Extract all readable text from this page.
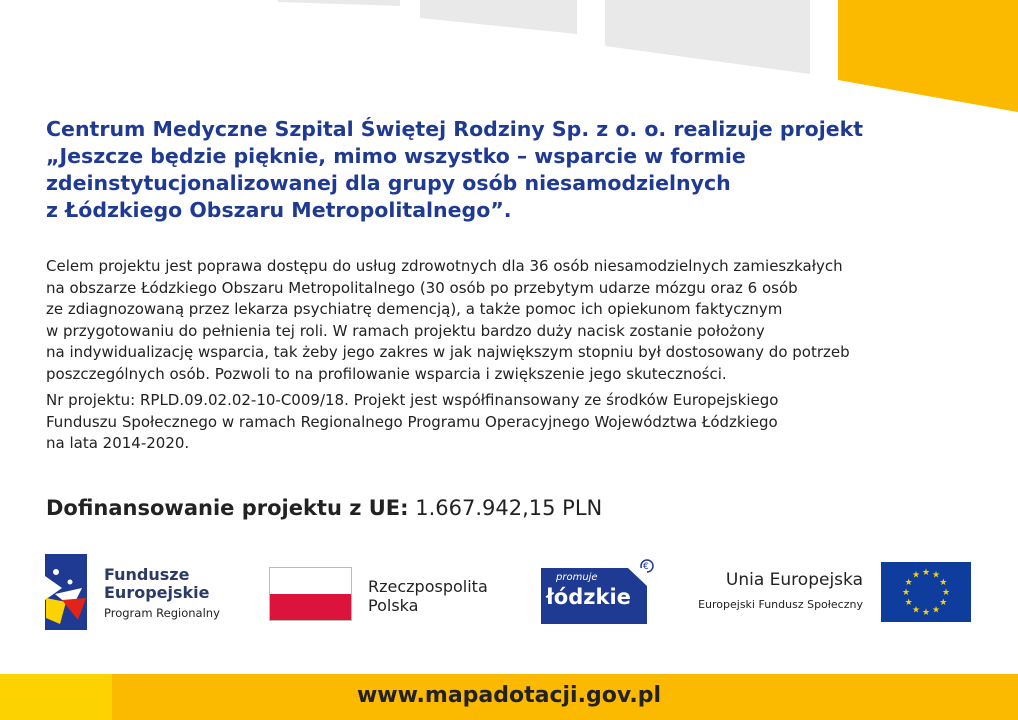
Centrum Medyczne Szpital Świętej Rodziny Sp. z o. o. realizuje projekt
„Jeszcze będzie pięknie, mimo wszystko – wsparcie w formie
zdeinstytucjonalizowanej dla grupy osób niesamodzielnych
z Łódzkiego Obszaru Metropolitalnego”.
Celem projektu jest poprawa dostępu do usług zdrowotnych dla 36 osób niesamodzielnych zamieszkałych
na obszarze Łódzkiego Obszaru Metropolitalnego (30 osób po przebytym udarze mózgu oraz 6 osób
ze zdiagnozowaną przez lekarza psychiatrę demencją), a także pomoc ich opiekunom faktycznym
w przygotowaniu do pełnienia tej roli. W ramach projektu bardzo duży nacisk zostanie położony
na indywidualizację wsparcia, tak żeby jego zakres w jak największym stopniu był dostosowany do potrzeb
poszczególnych osób. Pozwoli to na profilowanie wsparcia i zwiększenie jego skuteczności.
Nr projektu: RPLD.09.02.02-10-C009/18. Projekt jest współfinansowany ze środków Europejskiego
Funduszu Społecznego w ramach Regionalnego Programu Operacyjnego Województwa Łódzkiego
na lata 2014-2020.
Dofinansowanie projektu z UE: 1.667.942,15 PLN
★
★
★
★
★
★
★
★
★ ★ ★
★
Fundusze
Europejskie
Program Regionalny
Rzeczpospolita
Polska
promuje
łódzkie
€
Unia Europejska
Europejski Fundusz Społeczny
www.mapadotacji.gov.pl
